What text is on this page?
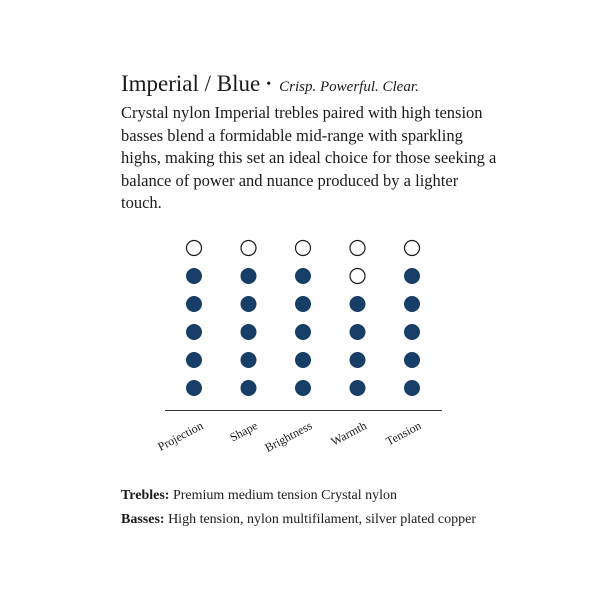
Imperial / Blue • Crisp. Powerful. Clear.

Crystal nylon Imperial trebles paired with high tension basses blend a formidable mid-range with sparkling highs, making this set an ideal choice for those seeking a balance of power and nuance produced by a lighter touch.

Projection Shape Brightness Warmth Tension

Trebles: Premium medium tension Crystal nylon

Basses: High tension, nylon multifilament, silver plated copper
